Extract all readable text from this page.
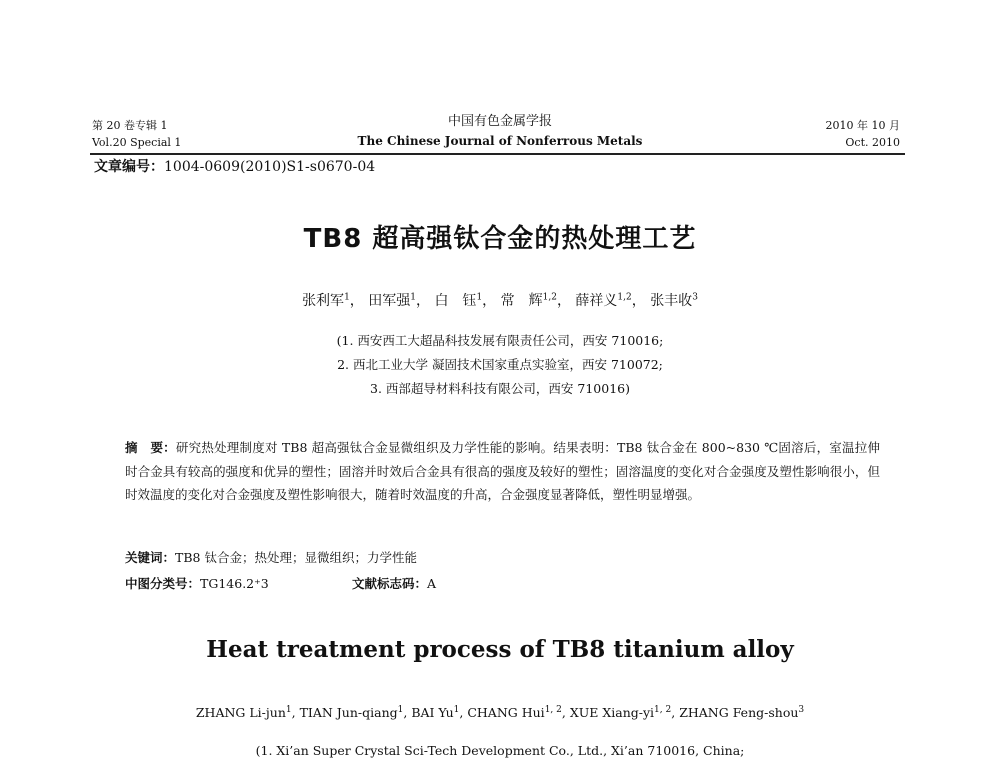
第 20 卷专辑 1
Vol.20 Special 1
中国有色金属学报
The Chinese Journal of Nonferrous Metals
2010 年 10 月
Oct. 2010
文章编号：1004-0609(2010)S1-s0670-04
TB8 超高强钛合金的热处理工艺
张利军$^1$， 田军强$^1$， 白　钰$^1$， 常　辉$^{1,2}$， 薛祥义$^{1,2}$， 张丰收$^3$
(1. 西安西工大超晶科技发展有限责任公司，西安 710016;
2. 西北工业大学 凝固技术国家重点实验室，西安 710072;
3. 西部超导材料科技有限公司，西安 710016)
摘　要：研究热处理制度对 TB8 超高强钛合金显微组织及力学性能的影响。结果表明：TB8 钛合金在 800~830 ℃固溶后，室温拉伸时合金具有较高的强度和优异的塑性；固溶并时效后合金具有很高的强度及较好的塑性；固溶温度的变化对合金强度及塑性影响很小，但时效温度的变化对合金强度及塑性影响很大，随着时效温度的升高，合金强度显著降低，塑性明显增强。
关键词：TB8 钛合金；热处理；显微组织；力学性能
中图分类号：TG146.2⁺3	文献标志码：A
Heat treatment process of TB8 titanium alloy
ZHANG Li-jun$^1$, TIAN Jun-qiang$^1$, BAI Yu$^1$, CHANG Hui$^{1, 2}$, XUE Xiang-yi$^{1, 2}$, ZHANG Feng-shou$^3$
(1. Xi’an Super Crystal Sci-Tech Development Co., Ltd., Xi’an 710016, China;
